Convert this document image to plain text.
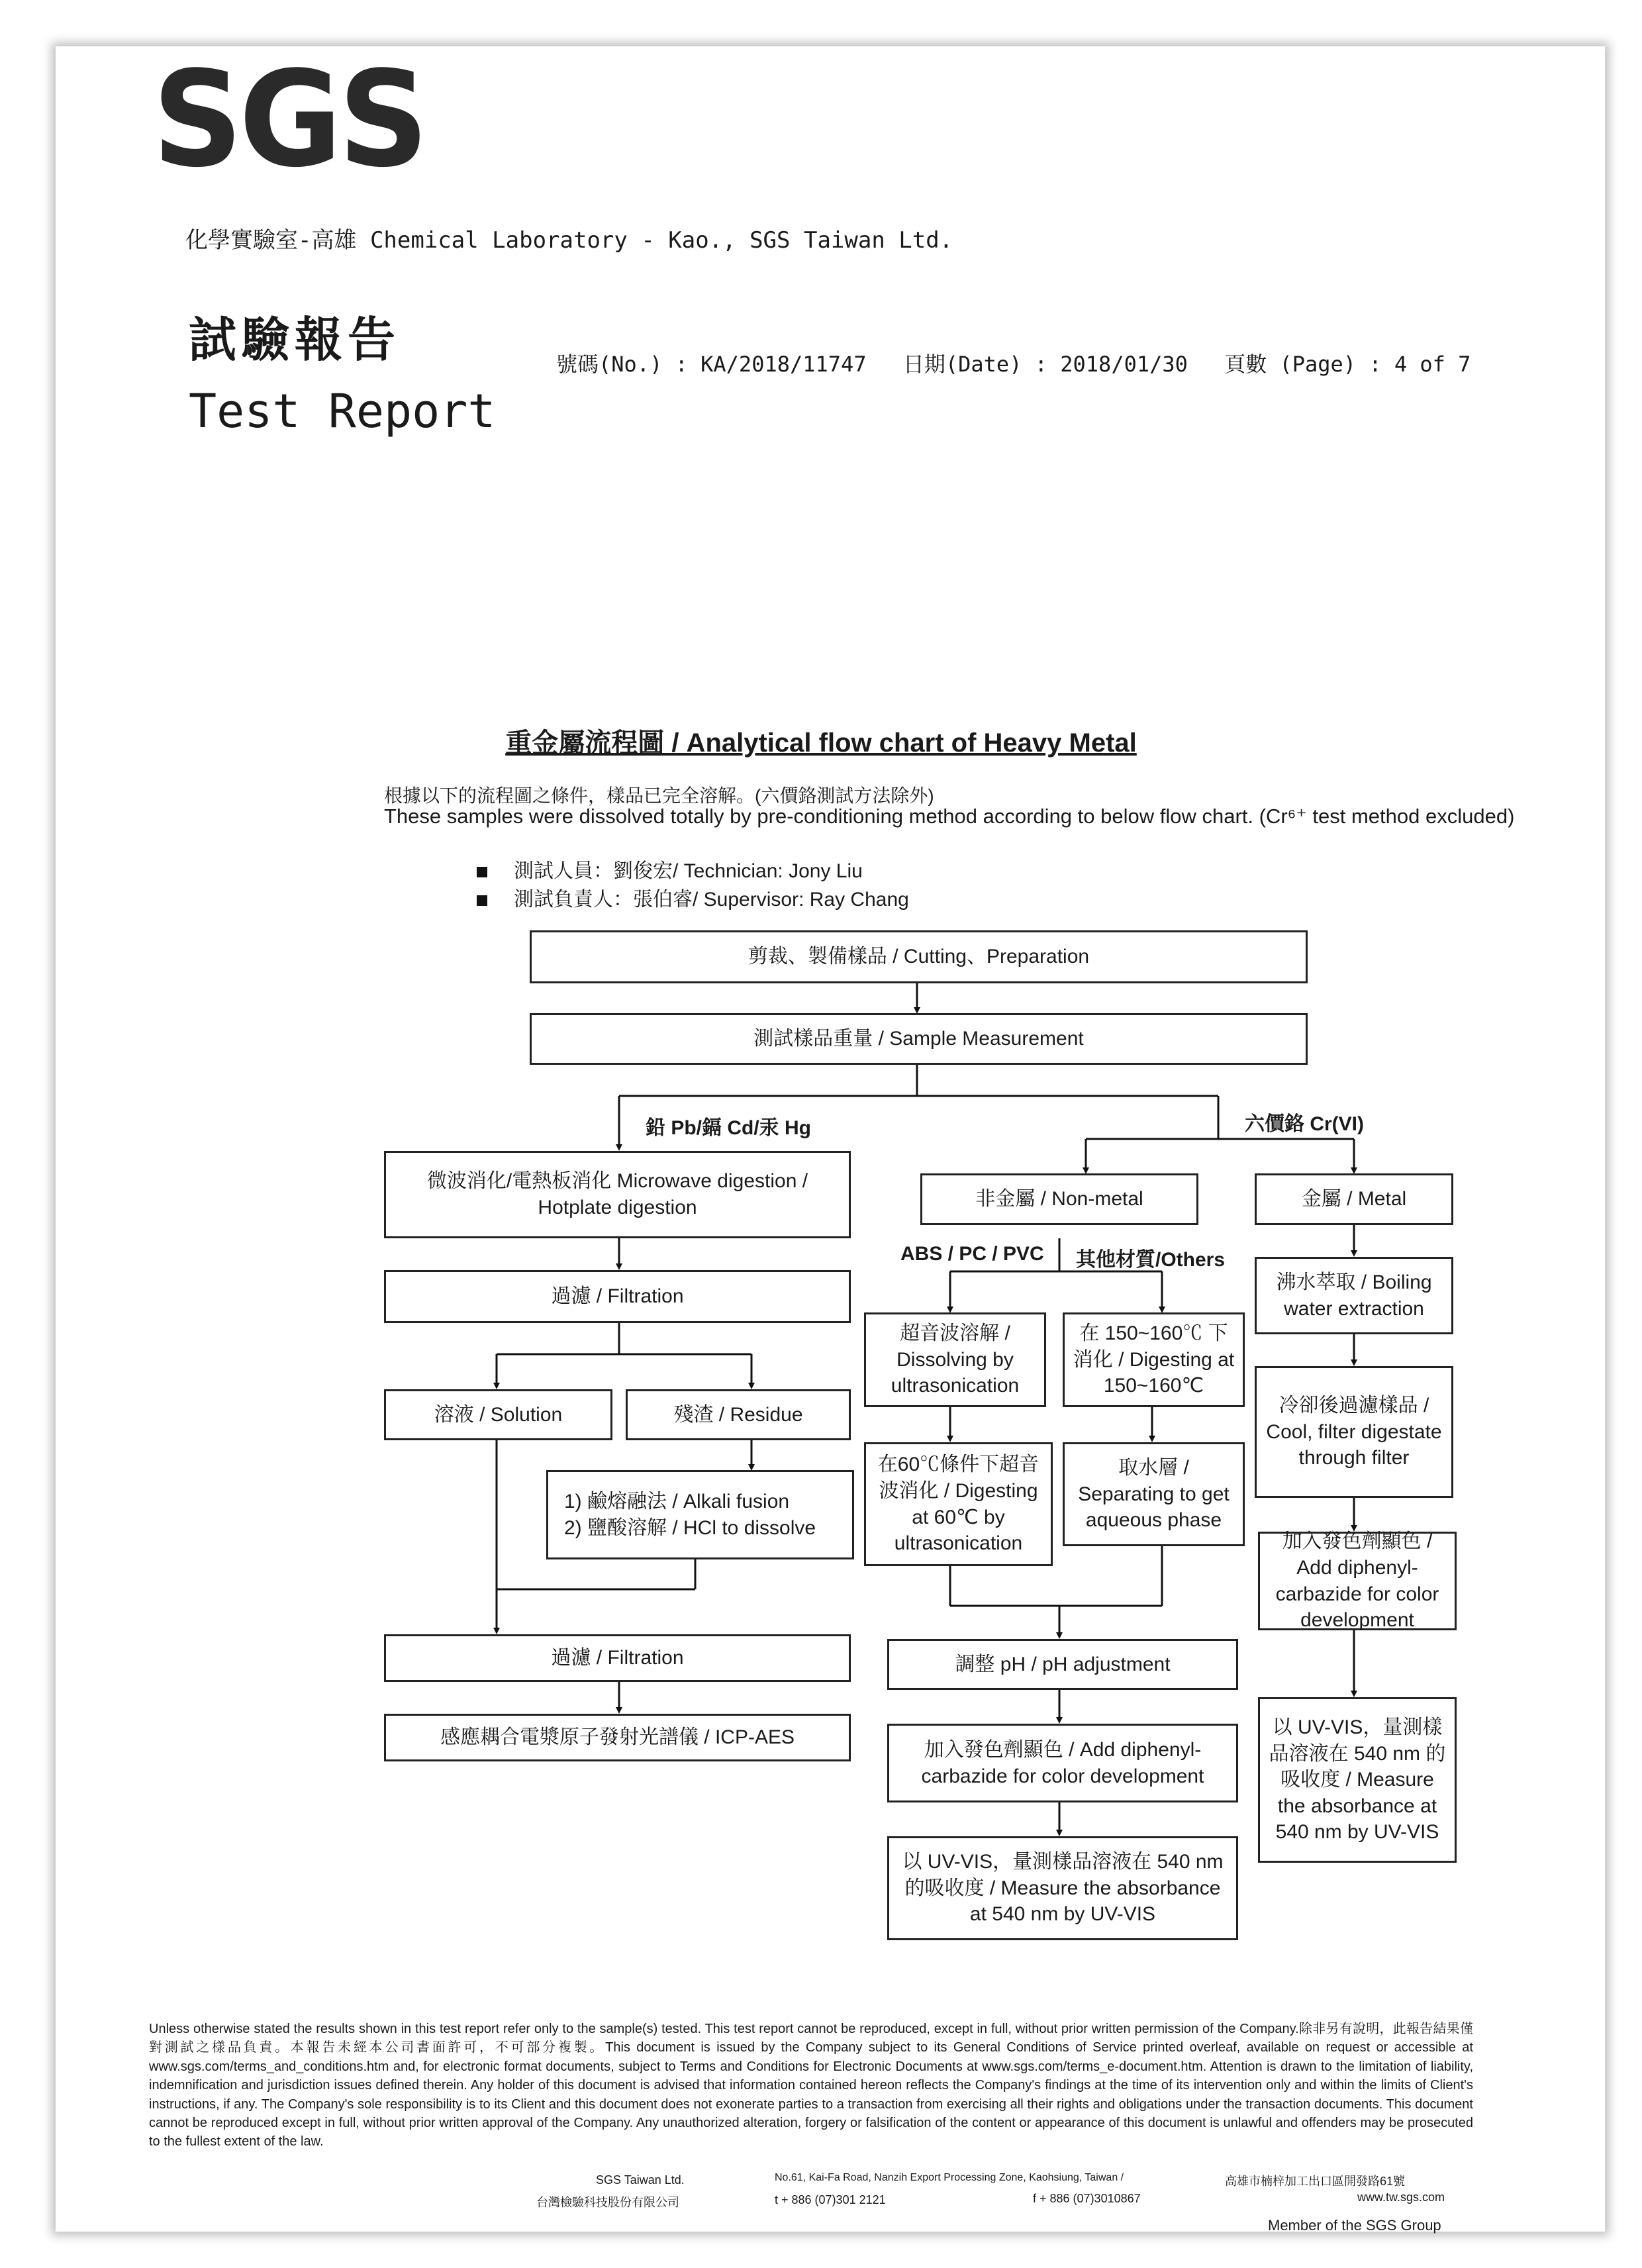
SGS
化學實驗室-高雄 Chemical Laboratory - Kao., SGS Taiwan Ltd.
試驗報告
Test Report
號碼(No.) : KA/2018/11747 日期(Date) : 2018/01/30 頁數 (Page) : 4 of 7
重金屬流程圖 / Analytical flow chart of Heavy Metal
根據以下的流程圖之條件，樣品已完全溶解。(六價鉻測試方法除外)
These samples were dissolved totally by pre-conditioning method according to below flow chart. (Cr⁶⁺ test method excluded)
測試人員：劉俊宏/ Technician: Jony Liu
測試負責人：張伯睿/ Supervisor: Ray Chang
剪裁、製備樣品 / Cutting、Preparation
測試樣品重量 / Sample Measurement
鉛 Pb/鎘 Cd/汞 Hg	六價鉻 Cr(VI)
微波消化/電熱板消化 Microwave digestion / Hotplate digestion
過濾 / Filtration
溶液 / Solution	殘渣 / Residue
1) 鹼熔融法 / Alkali fusion
2) 鹽酸溶解 / HCl to dissolve
過濾 / Filtration
感應耦合電漿原子發射光譜儀 / ICP-AES
非金屬 / Non-metal
ABS / PC / PVC 其他材質/Others
超音波溶解 / Dissolving by ultrasonication
在 150~160℃ 下消化 / Digesting at 150~160℃
在60℃條件下超音波消化 / Digesting at 60℃ by ultrasonication
取水層 / Separating to get aqueous phase
調整 pH / pH adjustment
加入發色劑顯色 / Add diphenyl-carbazide for color development
以 UV-VIS，量測樣品溶液在 540 nm 的吸收度 / Measure the absorbance at 540 nm by UV-VIS
金屬 / Metal
沸水萃取 / Boiling water extraction
冷卻後過濾樣品 / Cool, filter digestate through filter
加入發色劑顯色 / Add diphenyl-carbazide for color development
以 UV-VIS，量測樣品溶液在 540 nm 的吸收度 / Measure the absorbance at 540 nm by UV-VIS
Unless otherwise stated the results shown in this test report refer only to the sample(s) tested. This test report cannot be reproduced, except in full, without prior written permission of the Company.除非另有說明，此報告結果僅對測試之樣品負責。本報告未經本公司書面許可，不可部分複製。This document is issued by the Company subject to its General Conditions of Service printed overleaf, available on request or accessible at www.sgs.com/terms_and_conditions.htm and, for electronic format documents, subject to Terms and Conditions for Electronic Documents at www.sgs.com/terms_e-document.htm. Attention is drawn to the limitation of liability, indemnification and jurisdiction issues defined therein. Any holder of this document is advised that information contained hereon reflects the Company's findings at the time of its intervention only and within the limits of Client's instructions, if any. The Company's sole responsibility is to its Client and this document does not exonerate parties to a transaction from exercising all their rights and obligations under the transaction documents. This document cannot be reproduced except in full, without prior written approval of the Company. Any unauthorized alteration, forgery or falsification of the content or appearance of this document is unlawful and offenders may be prosecuted to the fullest extent of the law.
SGS Taiwan Ltd.
台灣檢驗科技股份有限公司
No.61, Kai-Fa Road, Nanzih Export Processing Zone, Kaohsiung, Taiwan /	高雄市楠梓加工出口區開發路61號
t + 886 (07)301 2121	f + 886 (07)3010867	www.tw.sgs.com
Member of the SGS Group
